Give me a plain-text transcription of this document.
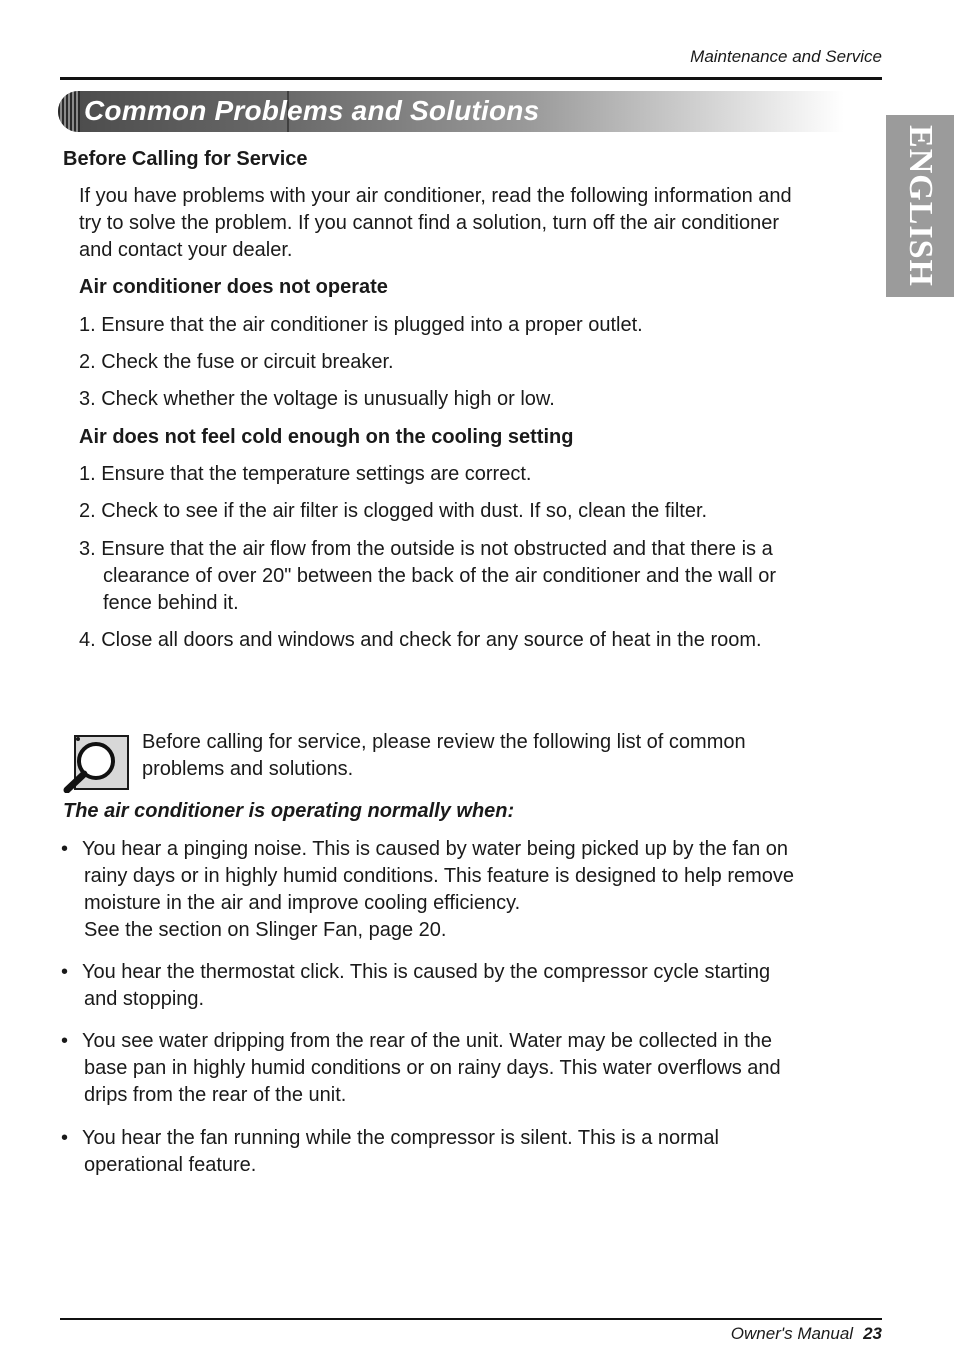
Maintenance and Service
Common Problems and Solutions
ENGLISH
Before Calling for Service
If you have problems with your air conditioner, read the following information and
try to solve the problem. If you cannot find a solution, turn off the air conditioner
and contact your dealer.
Air conditioner does not operate
1. Ensure that the air conditioner is plugged into a proper outlet.
2. Check the fuse or circuit breaker.
3. Check whether the voltage is unusually high or low.
Air does not feel cold enough on the cooling setting
1. Ensure that the temperature settings are correct.
2. Check to see if the air filter is clogged with dust. If so, clean the filter.
3. Ensure that the air flow from the outside is not obstructed and that there is a
clearance of over 20" between the back of the air conditioner and the wall or
fence behind it.
4. Close all doors and windows and check for any source of heat in the room.
Before calling for service, please review the following list of common
problems and solutions.
The air conditioner is operating normally when:
• You hear a pinging noise. This is caused by water being picked up by the fan on
rainy days or in highly humid conditions. This feature is designed to help remove
moisture in the air and improve cooling efficiency.
See the section on Slinger Fan, page 20.
• You hear the thermostat click. This is caused by the compressor cycle starting
and stopping.
• You see water dripping from the rear of the unit. Water may be collected in the
base pan in highly humid conditions or on rainy days. This water overflows and
drips from the rear of the unit.
• You hear the fan running while the compressor is silent. This is a normal
operational feature.
Owner's Manual 23
